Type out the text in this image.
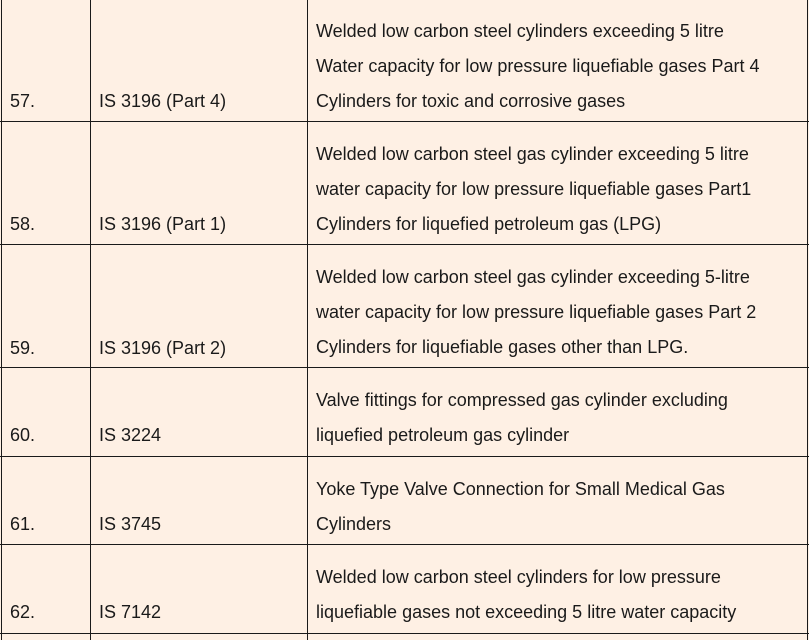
57.	IS 3196 (Part 4)
Welded low carbon steel cylinders exceeding 5 litre
Water capacity for low pressure liquefiable gases Part 4
Cylinders for toxic and corrosive gases
58.	IS 3196 (Part 1)
Welded low carbon steel gas cylinder exceeding 5 litre
water capacity for low pressure liquefiable gases Part1
Cylinders for liquefied petroleum gas (LPG)
59.	IS 3196 (Part 2)
Welded low carbon steel gas cylinder exceeding 5-litre
water capacity for low pressure liquefiable gases Part 2
Cylinders for liquefiable gases other than LPG.
60.	IS 3224
Valve fittings for compressed gas cylinder excluding
liquefied petroleum gas cylinder
61.	IS 3745
Yoke Type Valve Connection for Small Medical Gas
Cylinders
62.	IS 7142
Welded low carbon steel cylinders for low pressure
liquefiable gases not exceeding 5 litre water capacity
